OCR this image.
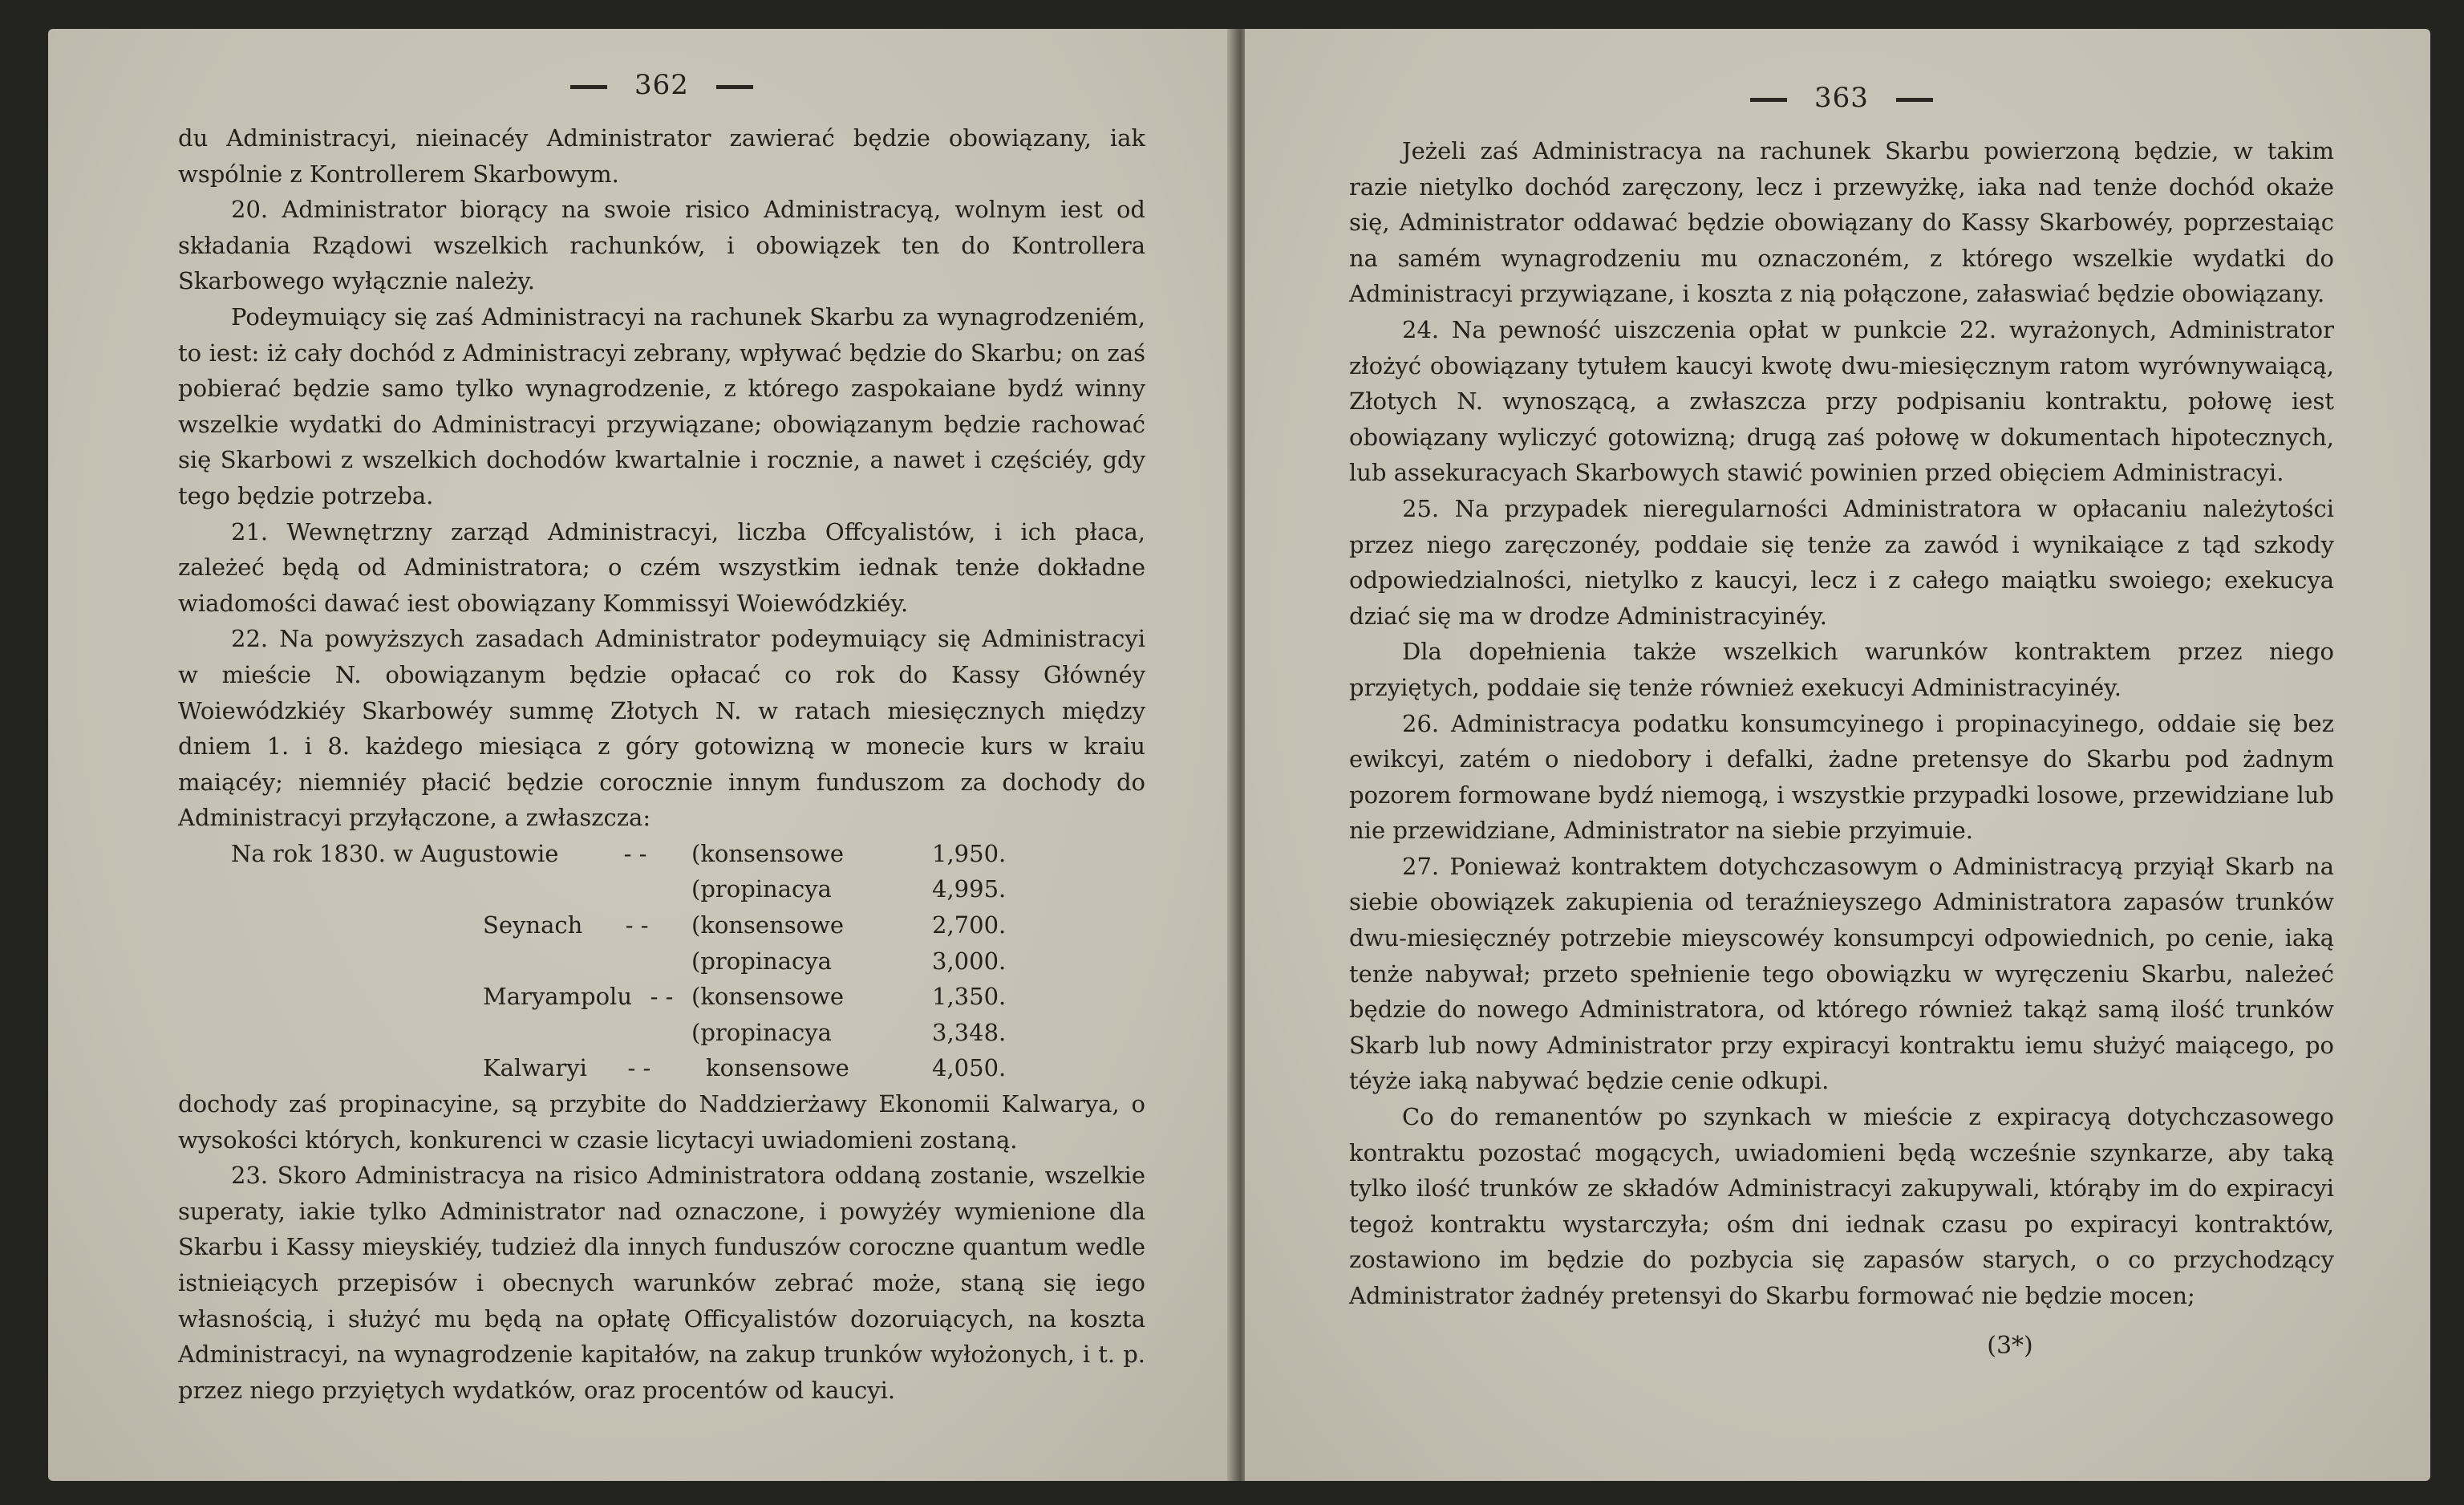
362

du Administracyi, nieinacéy Administrator zawierać będzie obowiązany, iak wspólnie z Kontrollerem Skarbowym.

20. Administrator biorący na swoie risico Administracyą, wolnym iest od składania Rządowi wszelkich rachunków, i obowiązek ten do Kontrollera Skarbowego wyłącznie należy.

Podeymuiący się zaś Administracyi na rachunek Skarbu za wynagrodzeniém, to iest: iż cały dochód z Administracyi zebrany, wpływać będzie do Skarbu; on zaś pobierać będzie samo tylko wynagrodzenie, z którego zaspokaiane bydź winny wszelkie wydatki do Administracyi przywiązane; obowiązanym będzie rachować się Skarbowi z wszelkich dochodów kwartalnie i rocznie, a nawet i częściéy, gdy tego będzie potrzeba.

21. Wewnętrzny zarząd Administracyi, liczba Offcyalistów, i ich płaca, zależeć będą od Administratora; o czém wszystkim iednak tenże dokładne wiadomości dawać iest obowiązany Kommissyi Woiewódzkiéy.

22. Na powyższych zasadach Administrator podeymuiący się Administracyi w mieście N. obowiązanym będzie opłacać co rok do Kassy Głównéy Woiewódzkiéy Skarbowéy summę Złotych N. w ratach miesięcznych między dniem 1. i 8. każdego miesiąca z góry gotowizną w monecie kurs w kraiu maiącéy; niemniéy płacić będzie corocznie innym funduszom za dochody do Administracyi przyłączone, a zwłaszcza:

Na rok 1830. w Augustowie	- -	(konsensowe	1,950.
(propinacya	4,995.
Seynach	- -	(konsensowe	2,700.
(propinacya	3,000.
Maryampolu - - (konsensowe	1,350.
(propinacya	3,348.
Kalwaryi	- -	konsensowe	4,050.

dochody zaś propinacyine, są przybite do Naddzierżawy Ekonomii Kalwarya, o wysokości których, konkurenci w czasie licytacyi uwiadomieni zostaną.

23. Skoro Administracya na risico Administratora oddaną zostanie, wszelkie superaty, iakie tylko Administrator nad oznaczone, i powyżéy wymienione dla Skarbu i Kassy mieyskiéy, tudzież dla innych funduszów coroczne quantum wedle istnieiących przepisów i obecnych warunków zebrać może, staną się iego własnością, i służyć mu będą na opłatę Officyalistów dozoruiących, na koszta Administracyi, na wynagrodzenie kapitałów, na zakup trunków wyłożonych, i t. p. przez niego przyiętych wydatków, oraz procentów od kaucyi.

363

Jeżeli zaś Administracya na rachunek Skarbu powierzoną będzie, w takim razie nietylko dochód zaręczony, lecz i przewyżkę, iaka nad tenże dochód okaże się, Administrator oddawać będzie obowiązany do Kassy Skarbowéy, poprzestaiąc na samém wynagrodzeniu mu oznaczoném, z którego wszelkie wydatki do Administracyi przywiązane, i koszta z nią połączone, załaswiać będzie obowiązany.

24. Na pewność uiszczenia opłat w punkcie 22. wyrażonych, Administrator złożyć obowiązany tytułem kaucyi kwotę dwu-miesięcznym ratom wyrównywaiącą, Złotych N. wynoszącą, a zwłaszcza przy podpisaniu kontraktu, połowę iest obowiązany wyliczyć gotowizną; drugą zaś połowę w dokumentach hipotecznych, lub assekuracyach Skarbowych stawić powinien przed obięciem Administracyi.

25. Na przypadek nieregularności Administratora w opłacaniu należytości przez niego zaręczonéy, poddaie się tenże za zawód i wynikaiące z tąd szkody odpowiedzialności, nietylko z kaucyi, lecz i z całego maiątku swoiego; exekucya dziać się ma w drodze Administracyinéy.

Dla dopełnienia także wszelkich warunków kontraktem przez niego przyiętych, poddaie się tenże również exekucyi Administracyinéy.

26. Administracya podatku konsumcyinego i propinacyinego, oddaie się bez ewikcyi, zatém o niedobory i defalki, żadne pretensye do Skarbu pod żadnym pozorem formowane bydź niemogą, i wszystkie przypadki losowe, przewidziane lub nie przewidziane, Administrator na siebie przyimuie.

27. Ponieważ kontraktem dotychczasowym o Administracyą przyiął Skarb na siebie obowiązek zakupienia od teraźnieyszego Administratora zapasów trunków dwu-miesięcznéy potrzebie mieyscowéy konsumpcyi odpowiednich, po cenie, iaką tenże nabywał; przeto spełnienie tego obowiązku w wyręczeniu Skarbu, należeć będzie do nowego Administratora, od którego również takąż samą ilość trunków Skarb lub nowy Administrator przy expiracyi kontraktu iemu służyć maiącego, po téyże iaką nabywać będzie cenie odkupi.

Co do remanentów po szynkach w mieście z expiracyą dotychczasowego kontraktu pozostać mogących, uwiadomieni będą wcześnie szynkarze, aby taką tylko ilość trunków ze składów Administracyi zakupywali, którąby im do expiracyi tegoż kontraktu wystarczyła; ośm dni iednak czasu po expiracyi kontraktów, zostawiono im będzie do pozbycia się zapasów starych, o co przychodzący Administrator żadnéy pretensyi do Skarbu formować nie będzie mocen;

(3*)
